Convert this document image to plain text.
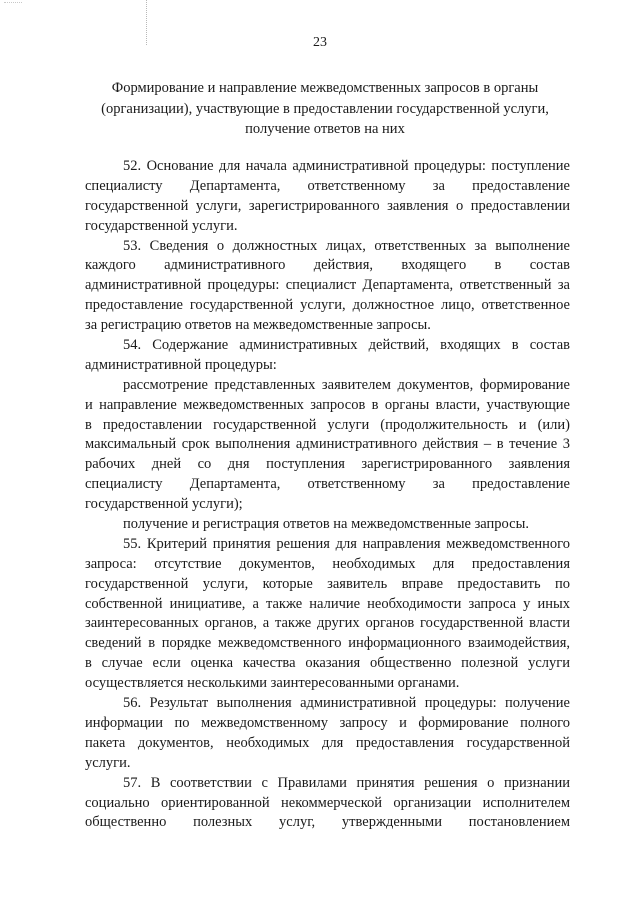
23
Формирование и направление межведомственных запросов в органы
(организации), участвующие в предоставлении государственной услуги,
получение ответов на них
52. Основание для начала административной процедуры: поступление
специалисту Департамента, ответственному за предоставление
государственной услуги, зарегистрированного заявления о предоставлении
государственной услуги.
53. Сведения о должностных лицах, ответственных за выполнение
каждого административного действия, входящего в состав
административной процедуры: специалист Департамента, ответственный за
предоставление государственной услуги, должностное лицо, ответственное
за регистрацию ответов на межведомственные запросы.
54. Содержание административных действий, входящих в состав
административной процедуры:
рассмотрение представленных заявителем документов, формирование
и направление межведомственных запросов в органы власти, участвующие
в предоставлении государственной услуги (продолжительность и (или)
максимальный срок выполнения административного действия – в течение 3
рабочих дней со дня поступления зарегистрированного заявления
специалисту Департамента, ответственному за предоставление
государственной услуги);
получение и регистрация ответов на межведомственные запросы.
55. Критерий принятия решения для направления межведомственного
запроса: отсутствие документов, необходимых для предоставления
государственной услуги, которые заявитель вправе предоставить по
собственной инициативе, а также наличие необходимости запроса у иных
заинтересованных органов, а также других органов государственной власти
сведений в порядке межведомственного информационного взаимодействия,
в случае если оценка качества оказания общественно полезной услуги
осуществляется несколькими заинтересованными органами.
56. Результат выполнения административной процедуры: получение
информации по межведомственному запросу и формирование полного
пакета документов, необходимых для предоставления государственной
услуги.
57. В соответствии с Правилами принятия решения о признании
социально ориентированной некоммерческой организации исполнителем
общественно полезных услуг, утвержденными постановлением
